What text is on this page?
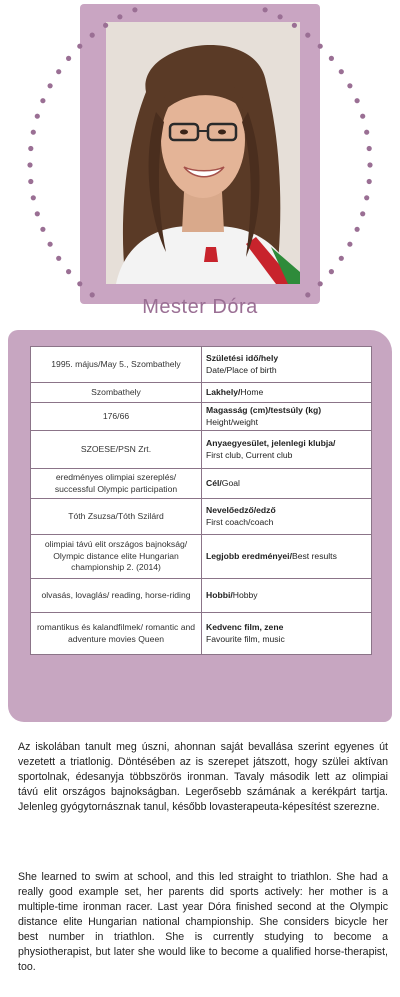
Mester Dóra
1995. május/May 5., Szombathely	Születési idő/hely
Date/Place of birth
Szombathely	Lakhely/Home
176/66	Magasság (cm)/testsúly (kg)
Height/weight
SZOESE/PSN Zrt.	Anyaegyesület, jelenlegi klubja/
First club, Current club
eredményes olimpiai szereplés/ successful Olympic participation	Cél/Goal
Tóth Zsuzsa/Tóth Szilárd	Nevelőedző/edző
First coach/coach
olimpiai távú elit országos bajnokság/ Olympic distance elite Hungarian championship 2. (2014)	Legjobb eredményei/Best results
olvasás, lovaglás/ reading, horse-riding	Hobbi/Hobby
romantikus és kalandfilmek/ romantic and adventure movies Queen	Kedvenc film, zene
Favourite film, music
Az iskolában tanult meg úszni, ahonnan saját bevallása szerint egyenes út vezetett a triatlonig. Döntésében az is szerepet játszott, hogy szülei aktívan sportolnak, édesanyja többszörös ironman. Tavaly második lett az olimpiai távú elit országos bajnokságban. Legerősebb számának a kerékpárt tartja. Jelenleg gyógytornásznak tanul, később lovasterapeuta-képesítést szerezne.
She learned to swim at school, and this led straight to triathlon. She had a really good example set, her parents did sports actively: her mother is a multiple-time ironman racer. Last year Dóra finished second at the Olympic distance elite Hungarian national championship. She considers bicycle her best number in triathlon. She is currently studying to become a physiotherapist, but later she would like to become a qualified horse-therapist, too.
